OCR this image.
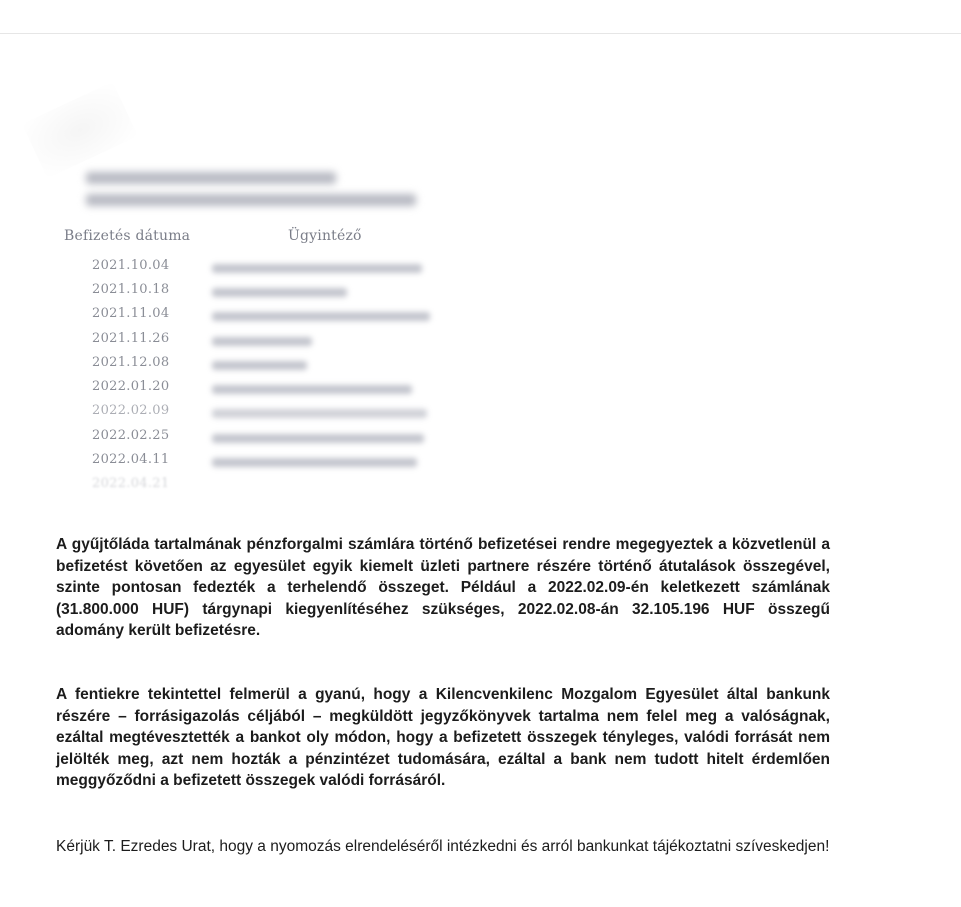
Befizetés dátuma	Ügyintéző
2021.10.04
2021.10.18
2021.11.04
2021.11.26
2021.12.08
2022.01.20
2022.02.09
2022.02.25
2022.04.11
2022.04.21

A gyűjtőláda tartalmának pénzforgalmi számlára történő befizetései rendre megegyeztek a közvetlenül a befizetést követően az egyesület egyik kiemelt üzleti partnere részére történő átutalások összegével, szinte pontosan fedezték a terhelendő összeget. Például a 2022.02.09-én keletkezett számlának (31.800.000 HUF) tárgynapi kiegyenlítéséhez szükséges, 2022.02.08-án 32.105.196 HUF összegű adomány került befizetésre.

A fentiekre tekintettel felmerül a gyanú, hogy a Kilencvenkilenc Mozgalom Egyesület által bankunk részére – forrásigazolás céljából – megküldött jegyzőkönyvek tartalma nem felel meg a valóságnak, ezáltal megtévesztették a bankot oly módon, hogy a befizetett összegek tényleges, valódi forrását nem jelölték meg, azt nem hozták a pénzintézet tudomására, ezáltal a bank nem tudott hitelt érdemlően meggyőződni a befizetett összegek valódi forrásáról.

Kérjük T. Ezredes Urat, hogy a nyomozás elrendeléséről intézkedni és arról bankunkat tájékoztatni szíveskedjen!
